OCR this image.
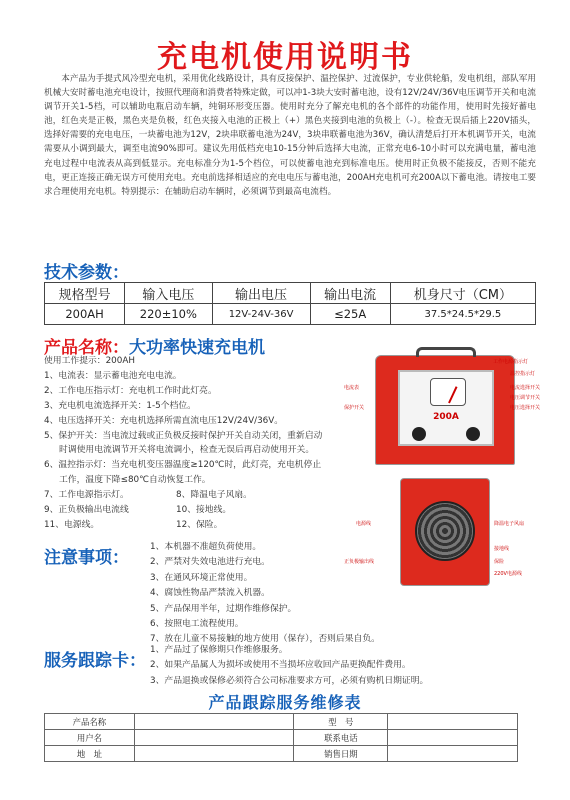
充电机使用说明书
本产品为手提式风冷型充电机，采用优化线路设计，具有反接保护、温控保护、过流保护，专业供轮船，发电机组，部队军用机械大安时蓄电池充电设计，按照代理商和消费者特殊定做，可以冲1-3块大安时蓄电池，设有12V/24V/36V电压调节开关和电流调节开关1-5档，可以辅助电瓶启动车辆，纯铜环形变压器。使用时充分了解充电机的各个部件的功能作用，使用时先接好蓄电池，红色夹是正极，黑色夹是负极，红色夹接入电池的正极上（+）黑色夹接到电池的负极上（-）。检查无误后插上220V插头，选择好需要的充电电压，一块蓄电池为12V，2块串联蓄电池为24V，3块串联蓄电池为36V，确认清楚后打开本机调节开关，电流需要从小调到最大，调至电流90%即可。建议先用低档充电10-15分钟后选择大电流，正常充电6-10小时可以充满电量，蓄电池充电过程中电流表从高到低显示。充电标准分为1-5个档位，可以使蓄电池充到标准电压。使用时正负极不能接反，否则不能充电，更正连接正确无误方可使用充电。充电前选择相适应的充电电压与蓄电池，200AH充电机可充200A以下蓄电池。请按电工要求合理使用充电机。特别提示：在辅助启动车辆时，必须调节到最高电流档。
技术参数：
规格型号	输入电压	输出电压	输出电流	机身尺寸（CM）
200AH	220±10%	12V-24V-36V	≤25A	37.5*24.5*29.5
产品名称：大功率快速充电机
使用工作提示：200AH
1、电流表：显示蓄电池充电电流。
2、工作电压指示灯：充电机工作时此灯亮。
3、充电机电流选择开关：1-5个档位。
4、电压选择开关：充电机选择所需直流电压12V/24V/36V。
5、保护开关：当电流过载或正负极反接时保护开关自动关闭，重新启动
时调使用电流调节开关将电流调小，检查无误后再启动使用开关。
6、温控指示灯：当充电机变压器温度≥120℃时，此灯亮，充电机停止
工作，温度下降≤80℃自动恢复工作。
7、工作电源指示灯。	8、降温电子风扇。
9、正负极输出电流线	10、接地线。
11、电源线。	12、保险。
200A
工作电源指示灯
温控指示灯
电流表	电流选择开关
电压调节开关
保护开关	电压选择开关
电源线	降温电子风扇
接地线
正负极输出线	保险
220V电源线
注意事项：
1、本机器不准超负荷使用。
2、严禁对失效电池进行充电。
3、在通风环境正常使用。
4、腐蚀性物品严禁流入机器。
5、产品保用半年，过期作维修保护。
6、按照电工流程使用。
7、放在儿童不易接触的地方使用（保存），否则后果自负。
服务跟踪卡：
1、产品过了保修期只作维修服务。
2、如果产品属人为损坏或使用不当损坏应收回产品更换配件费用。
3、产品退换或保修必须符合公司标准要求方可，必须有购机日期证明。
产品跟踪服务维修表
产品名称		型　号	
用户名		联系电话	
地　址		销售日期	
